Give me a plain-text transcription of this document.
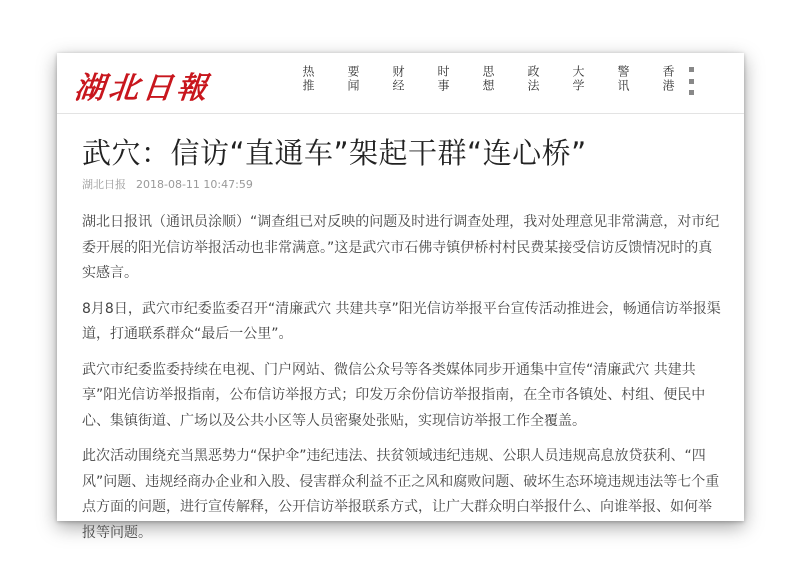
湖北日報	热推	要闻	财经	时事	思想	政法	大学	警讯	香港
武穴：信访“直通车”架起干群“连心桥”
湖北日报 2018-08-11 10:47:59

湖北日报讯（通讯员涂顺）“调查组已对反映的问题及时进行调查处理，我对处理意见非常满意，对市纪委开展的阳光信访举报活动也非常满意。”这是武穴市石佛寺镇伊桥村村民费某接受信访反馈情况时的真实感言。

8月8日，武穴市纪委监委召开“清廉武穴 共建共享”阳光信访举报平台宣传活动推进会，畅通信访举报渠道，打通联系群众“最后一公里”。

武穴市纪委监委持续在电视、门户网站、微信公众号等各类媒体同步开通集中宣传“清廉武穴 共建共享”阳光信访举报指南，公布信访举报方式；印发万余份信访举报指南，在全市各镇处、村组、便民中心、集镇街道、广场以及公共小区等人员密聚处张贴，实现信访举报工作全覆盖。

此次活动围绕充当黑恶势力“保护伞”违纪违法、扶贫领域违纪违规、公职人员违规高息放贷获利、“四风”问题、违规经商办企业和入股、侵害群众利益不正之风和腐败问题、破坏生态环境违规违法等七个重点方面的问题，进行宣传解释，公开信访举报联系方式，让广大群众明白举报什么、向谁举报、如何举报等问题。
